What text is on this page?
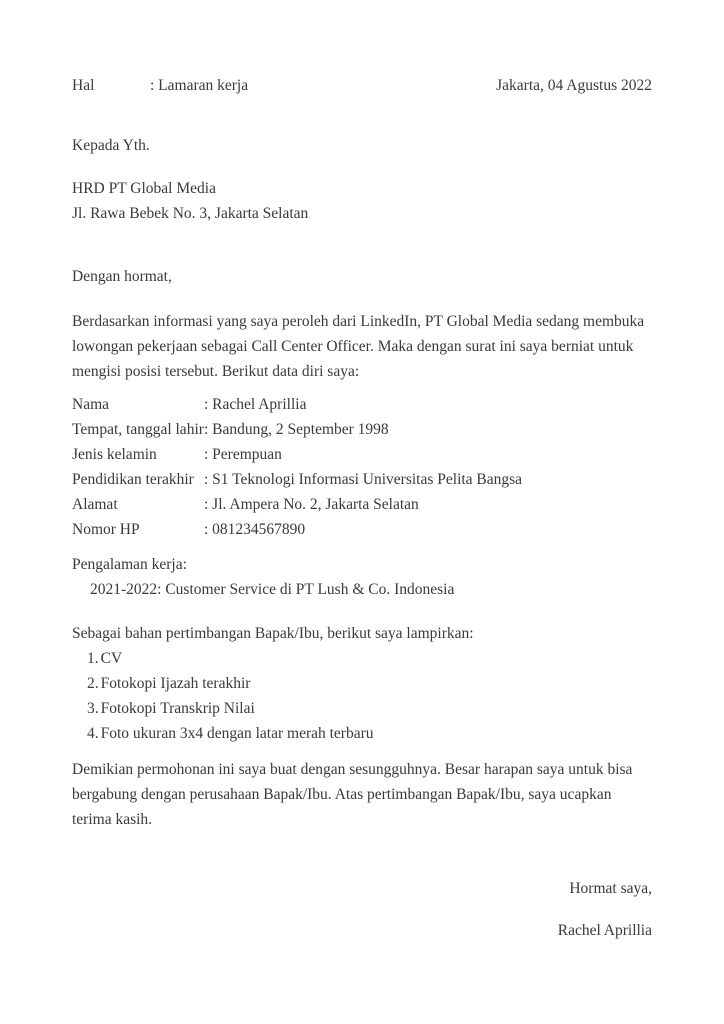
Hal	: Lamaran kerja	Jakarta, 04 Agustus 2022
Kepada Yth.
HRD PT Global Media
Jl. Rawa Bebek No. 3, Jakarta Selatan
Dengan hormat,

Berdasarkan informasi yang saya peroleh dari LinkedIn, PT Global Media sedang membuka lowongan pekerjaan sebagai Call Center Officer. Maka dengan surat ini saya berniat untuk mengisi posisi tersebut. Berikut data diri saya:

Nama	: Rachel Aprillia
Tempat, tanggal lahir : Bandung, 2 September 1998
Jenis kelamin	: Perempuan
Pendidikan terakhir : S1 Teknologi Informasi Universitas Pelita Bangsa
Alamat	: Jl. Ampera No. 2, Jakarta Selatan
Nomor HP	: 081234567890
Pengalaman kerja:
2021-2022: Customer Service di PT Lush & Co. Indonesia
Sebagai bahan pertimbangan Bapak/Ibu, berikut saya lampirkan:
1. CV
2. Fotokopi Ijazah terakhir
3. Fotokopi Transkrip Nilai
4. Foto ukuran 3x4 dengan latar merah terbaru

Demikian permohonan ini saya buat dengan sesungguhnya. Besar harapan saya untuk bisa bergabung dengan perusahaan Bapak/Ibu. Atas pertimbangan Bapak/Ibu, saya ucapkan terima kasih.

Hormat saya,
Rachel Aprillia
